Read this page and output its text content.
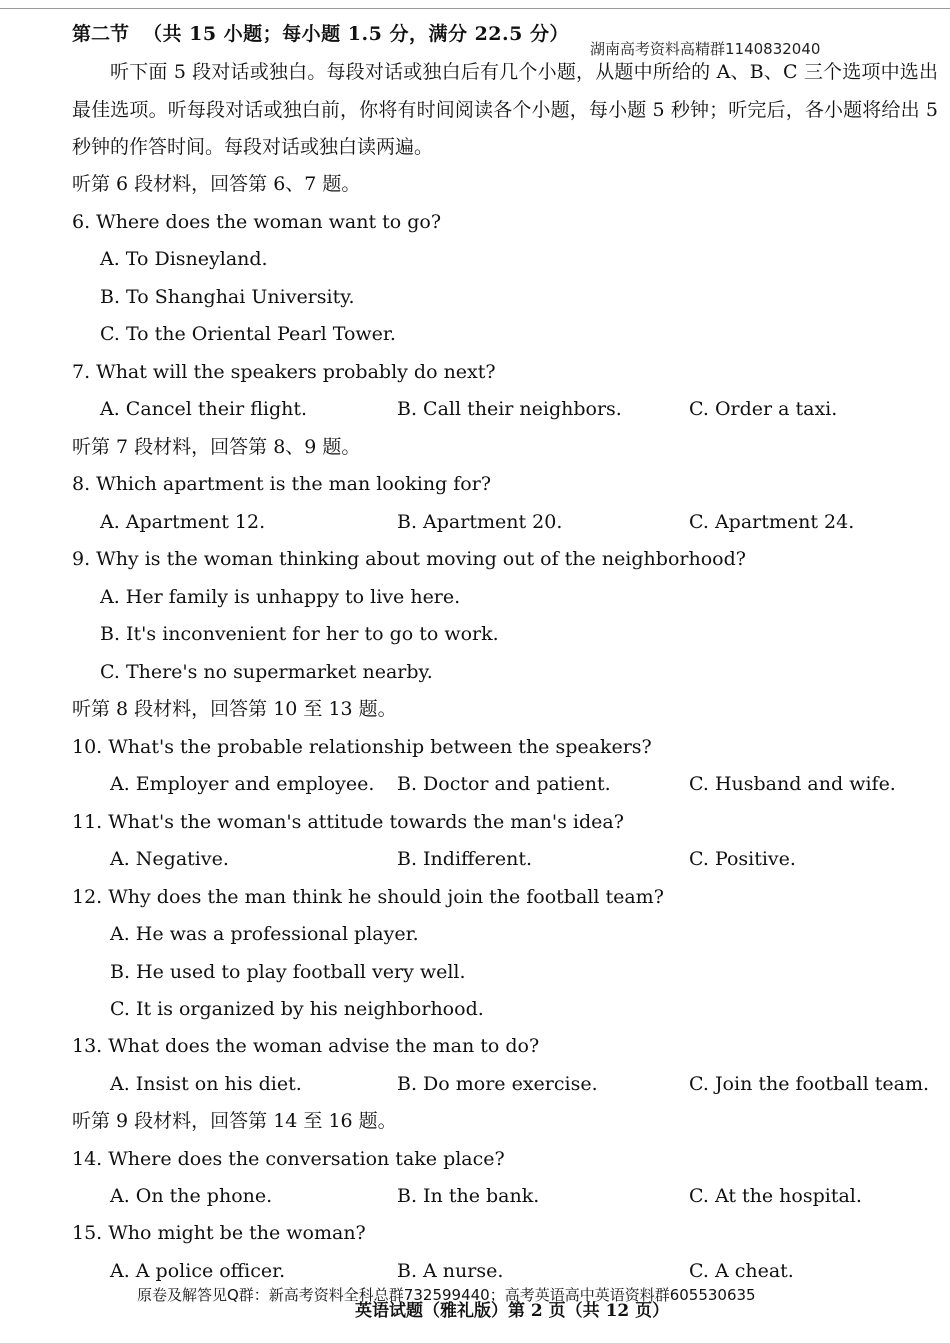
第二节 （共 15 小题；每小题 1.5 分，满分 22.5 分）
湖南高考资料高精群1140832040
听下面 5 段对话或独白。每段对话或独白后有几个小题，从题中所给的 A、B、C 三个选项中选出最佳选项。听每段对话或独白前，你将有时间阅读各个小题，每小题 5 秒钟；听完后，各小题将给出 5 秒钟的作答时间。每段对话或独白读两遍。
听第 6 段材料，回答第 6、7 题。
6. Where does the woman want to go?
A. To Disneyland.
B. To Shanghai University.
C. To the Oriental Pearl Tower.
7. What will the speakers probably do next?
A. Cancel their flight.	B. Call their neighbors.	C. Order a taxi.
听第 7 段材料，回答第 8、9 题。
8. Which apartment is the man looking for?
A. Apartment 12.	B. Apartment 20.	C. Apartment 24.
9. Why is the woman thinking about moving out of the neighborhood?
A. Her family is unhappy to live here.
B. It's inconvenient for her to go to work.
C. There's no supermarket nearby.
听第 8 段材料，回答第 10 至 13 题。
10. What's the probable relationship between the speakers?
A. Employer and employee. B. Doctor and patient.	C. Husband and wife.
11. What's the woman's attitude towards the man's idea?
A. Negative.	B. Indifferent.	C. Positive.
12. Why does the man think he should join the football team?
A. He was a professional player.
B. He used to play football very well.
C. It is organized by his neighborhood.
13. What does the woman advise the man to do?
A. Insist on his diet.	B. Do more exercise.	C. Join the football team.
听第 9 段材料，回答第 14 至 16 题。
14. Where does the conversation take place?
A. On the phone.	B. In the bank.	C. At the hospital.
15. Who might be the woman?
A. A police officer.	B. A nurse.	C. A cheat.
英语试题（雅礼版）第 2 页（共 12 页）
原卷及解答见Q群：新高考资料全科总群732599440；高考英语高中英语资料群605530635
